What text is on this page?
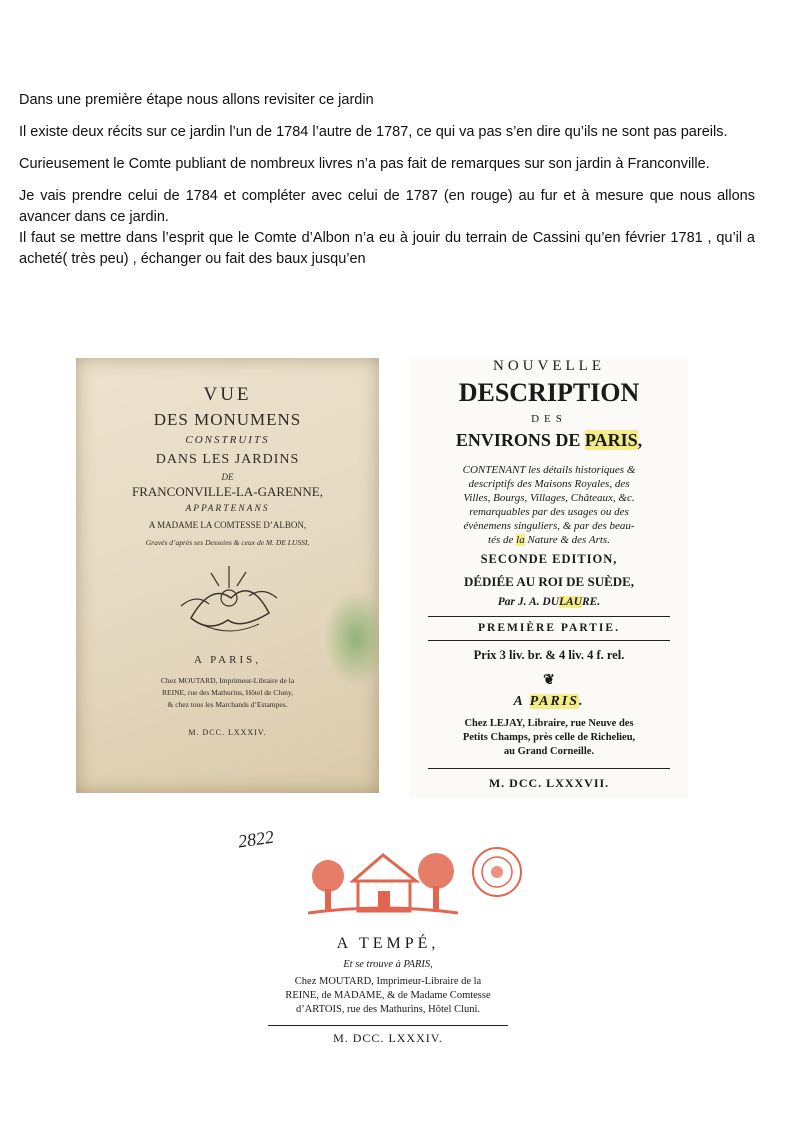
Dans une première étape nous allons revisiter ce jardin

Il existe deux récits sur ce jardin l’un de 1784 l’autre de 1787, ce qui va pas s’en dire qu’ils ne sont pas pareils.

Curieusement le Comte publiant de nombreux livres n’a pas fait de remarques sur son jardin à Franconville.

Je vais prendre celui de 1784 et compléter avec celui de 1787 (en rouge) au fur et à mesure que nous allons avancer dans ce jardin.

Il faut se mettre dans l’esprit que le Comte d’Albon n’a eu à jouir du terrain de Cassini qu’en février 1781 , qu’il a acheté( très peu) , échanger ou fait des baux jusqu’en

VUE
DES MONUMENS
CONSTRUITS
DANS LES JARDINS
DE
FRANCONVILLE-LA-GARENNE,
APPARTENANS
A MADAME LA COMTESSE D’ALBON,
Gravés d’après ses Desseins & ceux de M. DE LUSSI,
A PARIS,
Chez MOUTARD, Imprimeur-Libraire de la
REINE, rue des Mathurins, Hôtel de Cluny,
& chez tous les Marchands d’Estampes.
M. DCC. LXXXIV.
NOUVELLE
DESCRIPTION
DES
ENVIRONS DE PARIS,
CONTENANT les détails historiques &
descriptifs des Maisons Royales, des
Villes, Bourgs, Villages, Châteaux, &c.
remarquables par des usages ou des
évènemens singuliers, & par des beau-
tés de la Nature & des Arts.
SECONDE EDITION,
DÉDIÉE AU ROI DE SUÈDE,
Par J. A. DULAURE.
PREMIÈRE PARTIE.
Prix 3 liv. br. & 4 liv. 4 f. rel.
❦
A PARIS.
Chez LEJAY, Libraire, rue Neuve des
Petits Champs, près celle de Richelieu,
au Grand Corneille.
M. DCC. LXXXVII.
2822
A TEMPÉ,
Et se trouve à PARIS,
Chez MOUTARD, Imprimeur-Libraire de la
REINE, de MADAME, & de Madame Comtesse
d’ARTOIS, rue des Mathurins, Hôtel Cluni.
M. DCC. LXXXIV.
